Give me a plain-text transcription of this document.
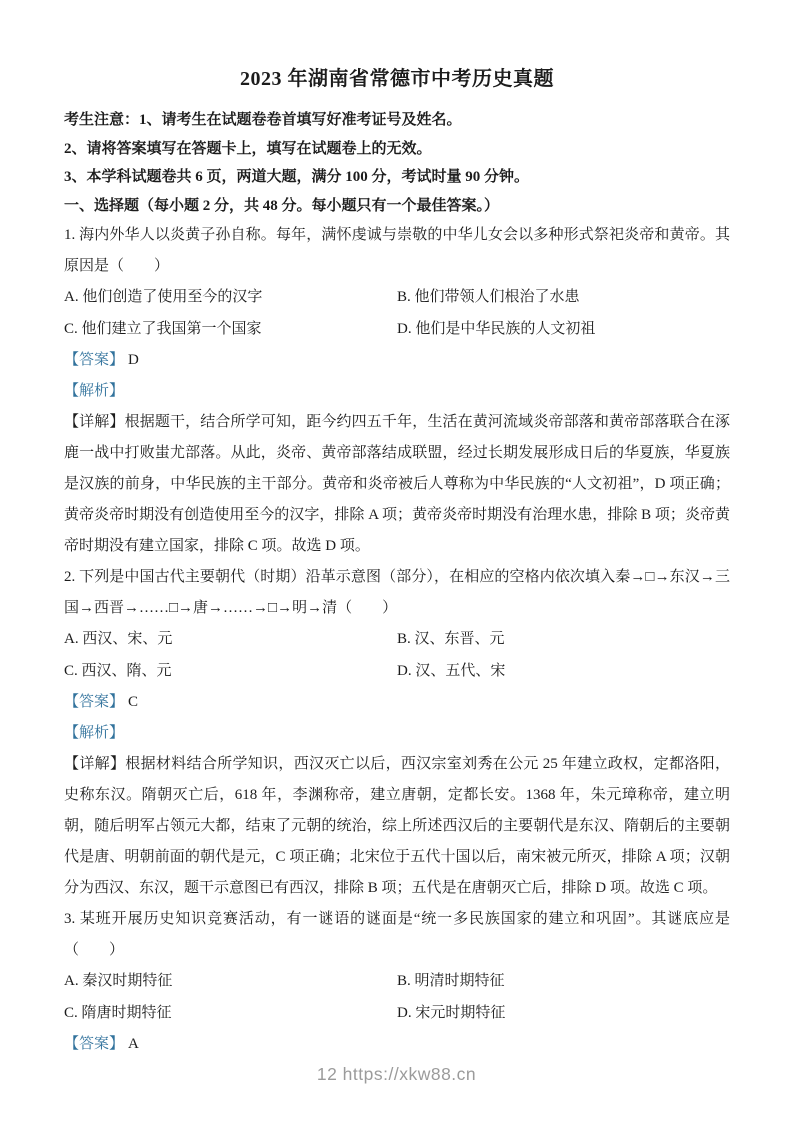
2023 年湖南省常德市中考历史真题

考生注意：1、请考生在试题卷卷首填写好准考证号及姓名。

2、请将答案填写在答题卡上，填写在试题卷上的无效。

3、本学科试题卷共 6 页，两道大题，满分 100 分，考试时量 90 分钟。

一、选择题（每小题 2 分，共 48 分。每小题只有一个最佳答案。）

1. 海内外华人以炎黄子孙自称。每年，满怀虔诚与崇敬的中华儿女会以多种形式祭祀炎帝和黄帝。其原因是（　　）

A. 他们创造了使用至今的汉字	B. 他们带领人们根治了水患
C. 他们建立了我国第一个国家	D. 他们是中华民族的人文初祖

【答案】 D

【解析】

【详解】根据题干，结合所学可知，距今约四五千年，生活在黄河流域炎帝部落和黄帝部落联合在涿鹿一战中打败蚩尤部落。从此，炎帝、黄帝部落结成联盟，经过长期发展形成日后的华夏族，华夏族是汉族的前身，中华民族的主干部分。黄帝和炎帝被后人尊称为中华民族的“人文初祖”，D 项正确；黄帝炎帝时期没有创造使用至今的汉字，排除 A 项；黄帝炎帝时期没有治理水患，排除 B 项；炎帝黄帝时期没有建立国家，排除 C 项。故选 D 项。

2. 下列是中国古代主要朝代（时期）沿革示意图（部分），在相应的空格内依次填入秦→□→东汉→三国→西晋→……□→唐→……→□→明→清（　　）

A. 西汉、宋、元	B. 汉、东晋、元
C. 西汉、隋、元	D. 汉、五代、宋

【答案】 C

【解析】

【详解】根据材料结合所学知识，西汉灭亡以后，西汉宗室刘秀在公元 25 年建立政权，定都洛阳，史称东汉。隋朝灭亡后，618 年，李渊称帝，建立唐朝，定都长安。1368 年，朱元璋称帝，建立明朝，随后明军占领元大都，结束了元朝的统治，综上所述西汉后的主要朝代是东汉、隋朝后的主要朝代是唐、明朝前面的朝代是元，C 项正确；北宋位于五代十国以后，南宋被元所灭，排除 A 项；汉朝分为西汉、东汉，题干示意图已有西汉，排除 B 项；五代是在唐朝灭亡后，排除 D 项。故选 C 项。

3. 某班开展历史知识竞赛活动，有一谜语的谜面是“统一多民族国家的建立和巩固”。其谜底应是（　　）

A. 秦汉时期特征	B. 明清时期特征
C. 隋唐时期特征	D. 宋元时期特征

【答案】 A

12 https://xkw88.cn
